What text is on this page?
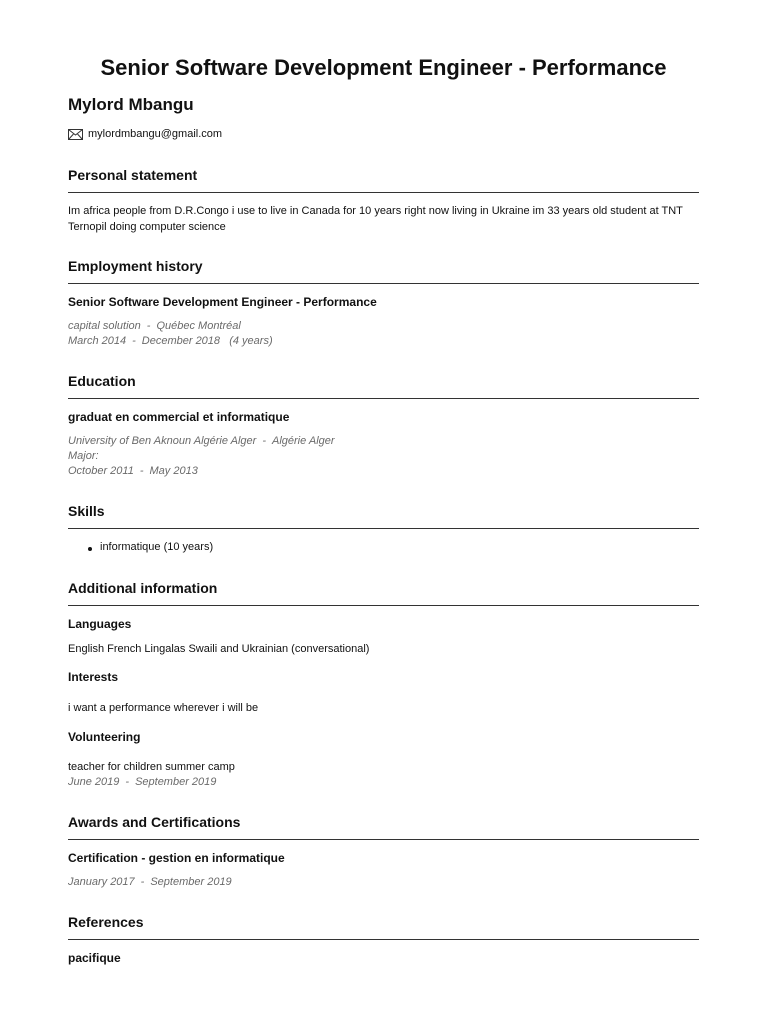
Senior Software Development Engineer - Performance
Mylord Mbangu
mylordmbangu@gmail.com
Personal statement

Im africa people from D.R.Congo i use to live in Canada for 10 years right now living in Ukraine im 33 years old student at TNT Ternopil doing computer science

Employment history
Senior Software Development Engineer - Performance
capital solution - Québec Montréal
March 2014 - December 2018 (4 years)
Education
graduat en commercial et informatique
University of Ben Aknoun Algérie Alger - Algérie Alger
Major:
October 2011 - May 2013
Skills
informatique (10 years)
Additional information
Languages

English French Lingalas Swaili and Ukrainian (conversational)

Interests

i want a performance wherever i will be

Volunteering

teacher for children summer camp

June 2019 - September 2019
Awards and Certifications
Certification - gestion en informatique
January 2017 - September 2019
References
pacifique
